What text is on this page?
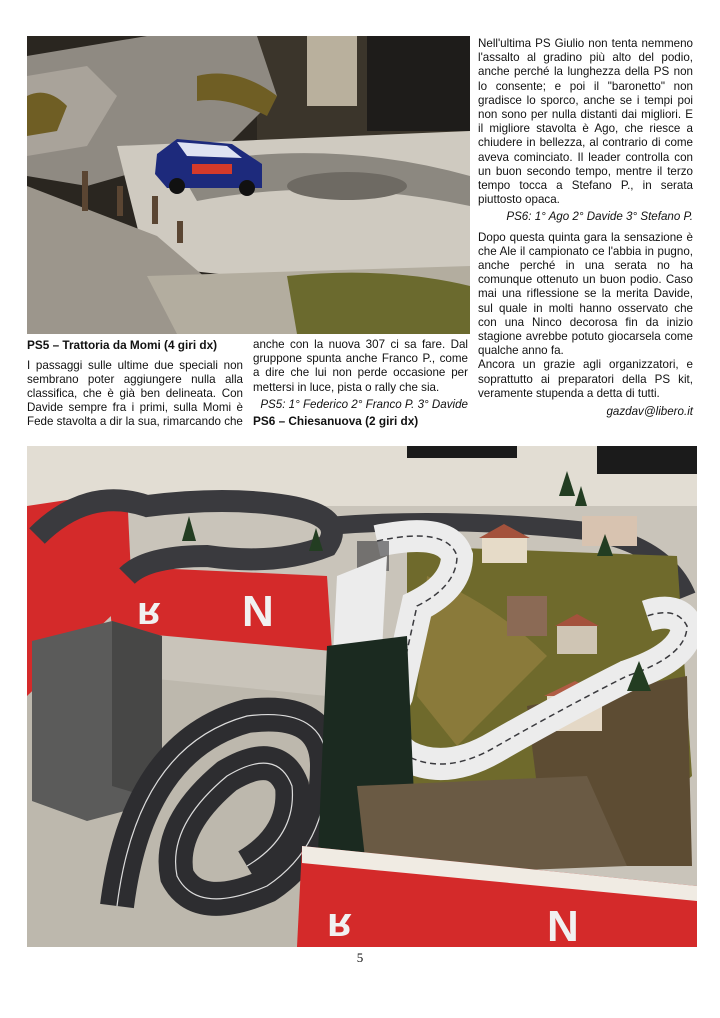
Nell'ultima PS Giulio non tenta nemmeno l'assalto al gradino più alto del podio, anche perché la lunghezza della PS non lo consente; e poi il "baronetto" non gradisce lo sporco, anche se i tempi poi non sono per nulla distanti dai migliori. E il migliore stavolta è Ago, che riesce a chiudere in bellezza, al contrario di come aveva cominciato. Il leader controlla con un buon secondo tempo, mentre il terzo tempo tocca a Stefano P., in serata piuttosto opaca.

PS6: 1° Ago 2° Davide 3° Stefano P.

Dopo questa quinta gara la sensazione è che Ale il campionato ce l'abbia in pugno, anche perché in una serata no ha comunque ottenuto un buon podio. Caso mai una riflessione se la merita Davide, sul quale in molti hanno osservato che con una Ninco decorosa fin da inizio stagione avrebbe potuto giocarsela come qualche anno fa.

Ancora un grazie agli organizzatori, e soprattutto ai preparatori della PS kit, veramente stupenda a detta di tutti.

gazdav@libero.it

PS5 – Trattoria da Momi (4 giri dx)

I passaggi sulle ultime due speciali non sembrano poter aggiungere nulla alla classifica, che è già ben delineata. Con Davide sempre fra i primi, sulla Momi è Fede stavolta a dir la sua, rimarcando che

anche con la nuova 307 ci sa fare. Dal gruppone spunta anche Franco P., come a dire che lui non perde occasione per mettersi in luce, pista o rally che sia.

PS5: 1° Federico 2° Franco P. 3° Davide

PS6 – Chiesanuova (2 giri dx)
ʁ N
ʁ	N
5
